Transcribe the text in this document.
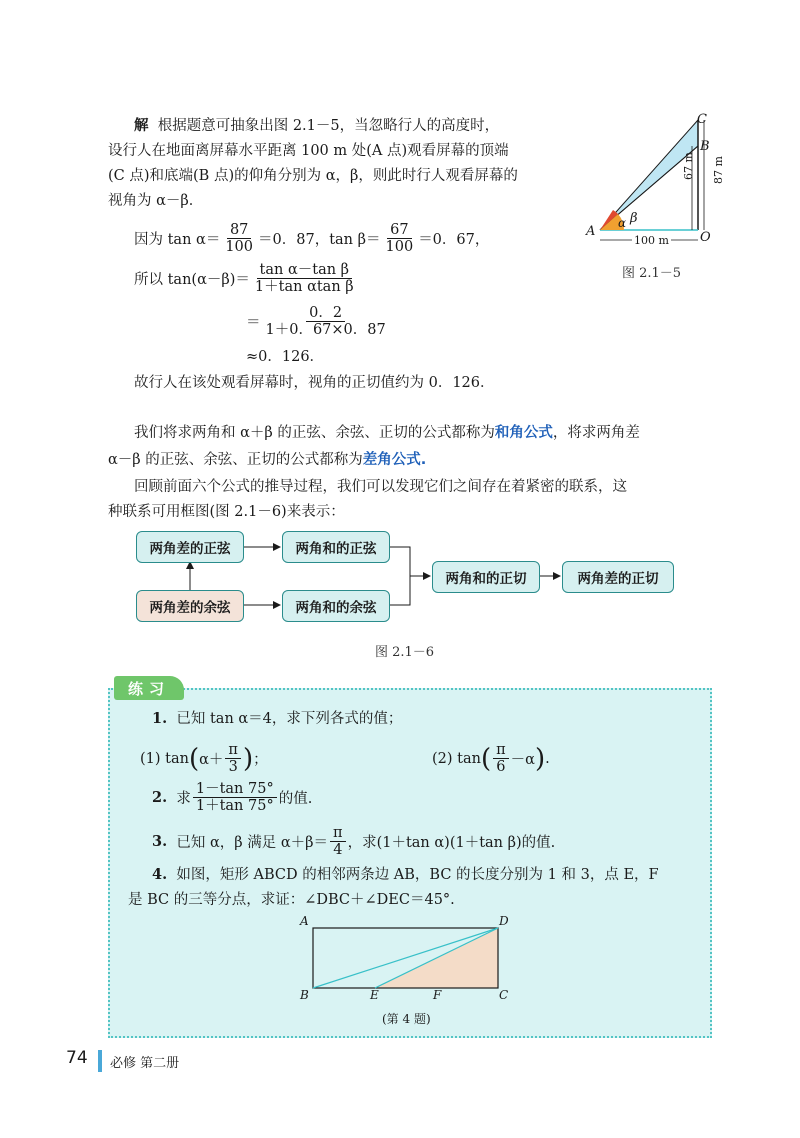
解 根据题意可抽象出图 2.1－5，当忽略行人的高度时，
设行人在地面离屏幕水平距离 100 m 处(A 点)观看屏幕的顶端
(C 点)和底端(B 点)的仰角分别为 α，β，则此时行人观看屏幕的
视角为 α－β．
因为 $\tan \alpha= \frac{87}{100} =0$．87，$\tan \beta= \frac{67}{100} =0$．67，
所以 $\tan(\alpha-\beta)= \frac{\text{tan α－tan β}}{\text{1＋tan αtan β}}$
＝ $\frac{0.2}{1+0.67\times 0.87}$
≈0．126．
故行人在该处观看屏幕时，视角的正切值约为 0．126．
C
B
A	O
α β
67 m 87 m
100 m
图 2.1－5
我们将求两角和 α＋β 的正弦、余弦、正切的公式都称为和角公式，将求两角差
α－β 的正弦、余弦、正切的公式都称为差角公式.
回顾前面六个公式的推导过程，我们可以发现它们之间存在着紧密的联系，这
种联系可用框图(图 2.1－6)来表示：
两角差的正弦	两角和的正弦
两角差的余弦	两角和的余弦
两角和的正切	两角差的正切
图 2.1－6
练习
1. 已知 tan α＝4，求下列各式的值；
(1) tan ( $\alpha+ \frac{\pi}{3}$ ) ；	(2) tan ( $\frac{\pi}{6} -\alpha$ ) .
2.
求 $\frac{1-\tan 75^\circ}{1+\tan 75^\circ}$ 的值.
3.
已知 α，β 满足 $\alpha+\beta= \frac{\pi}{4}$ ，求(1＋tan α)(1＋tan β)的值.
4. 如图，矩形 ABCD 的相邻两条边 AB，BC 的长度分别为 1 和 3，点 E，F
是 BC 的三等分点，求证：∠DBC＋∠DEC＝45°.
A
B	C
D
E	F
(第 4 题)
74 必修 第二册
